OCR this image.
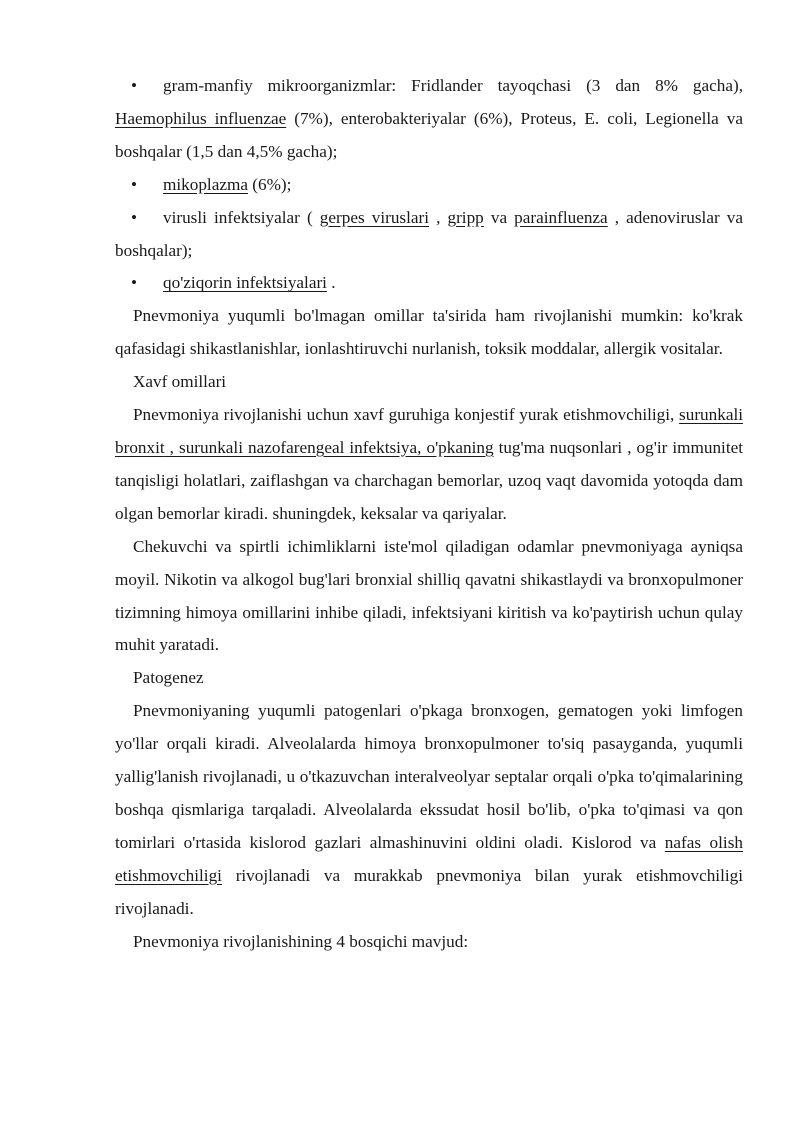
• gram-manfiy mikroorganizmlar: Fridlander tayoqchasi (3 dan 8% gacha), Haemophilus influenzae (7%), enterobakteriyalar (6%), Proteus, E. coli, Legionella va boshqalar (1,5 dan 4,5% gacha);

• mikoplazma (6%);

• virusli infektsiyalar ( gerpes viruslari , gripp va parainfluenza , adenoviruslar va boshqalar);

• qo'ziqorin infektsiyalari .

Pnevmoniya yuqumli bo'lmagan omillar ta'sirida ham rivojlanishi mumkin: ko'krak qafasidagi shikastlanishlar, ionlashtiruvchi nurlanish, toksik moddalar, allergik vositalar.

Xavf omillari

Pnevmoniya rivojlanishi uchun xavf guruhiga konjestif yurak etishmovchiligi, surunkali bronxit , surunkali nazofarengeal infektsiya, o'pkaning tug'ma nuqsonlari , og'ir immunitet tanqisligi holatlari, zaiflashgan va charchagan bemorlar, uzoq vaqt davomida yotoqda dam olgan bemorlar kiradi. shuningdek, keksalar va qariyalar.

Chekuvchi va spirtli ichimliklarni iste'mol qiladigan odamlar pnevmoniyaga ayniqsa moyil. Nikotin va alkogol bug'lari bronxial shilliq qavatni shikastlaydi va bronxopulmoner tizimning himoya omillarini inhibe qiladi, infektsiyani kiritish va ko'paytirish uchun qulay muhit yaratadi.

Patogenez

Pnevmoniyaning yuqumli patogenlari o'pkaga bronxogen, gematogen yoki limfogen yo'llar orqali kiradi. Alveolalarda himoya bronxopulmoner to'siq pasayganda, yuqumli yallig'lanish rivojlanadi, u o'tkazuvchan interalveolyar septalar orqali o'pka to'qimalarining boshqa qismlariga tarqaladi. Alveolalarda ekssudat hosil bo'lib, o'pka to'qimasi va qon tomirlari o'rtasida kislorod gazlari almashinuvini oldini oladi. Kislorod va nafas olish etishmovchiligi rivojlanadi va murakkab pnevmoniya bilan yurak etishmovchiligi rivojlanadi.

Pnevmoniya rivojlanishining 4 bosqichi mavjud:
